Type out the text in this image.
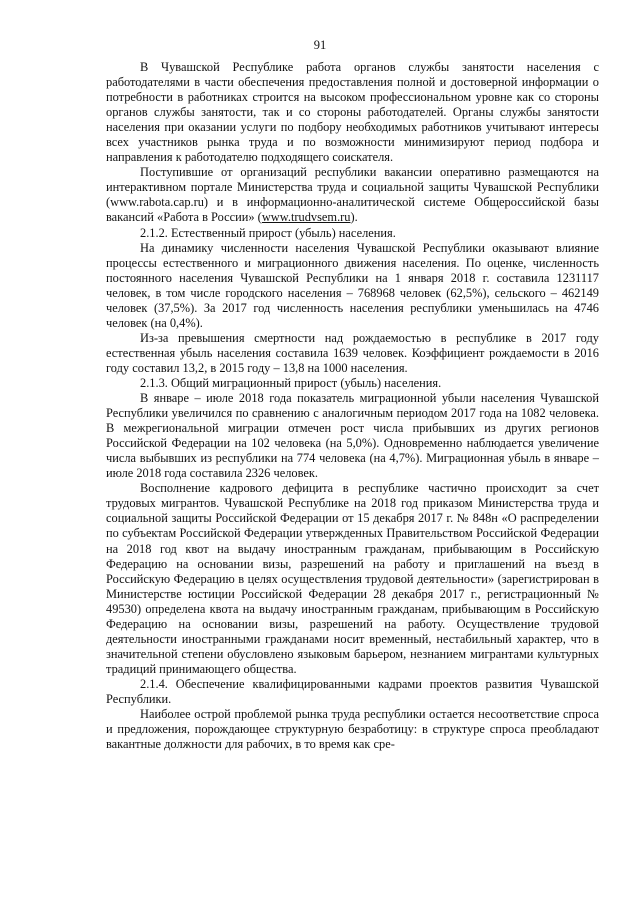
91

В Чувашской Республике работа органов службы занятости населения с работодателями в части обеспечения предоставления полной и достоверной информации о потребности в работниках строится на высоком профессиональном уровне как со стороны органов службы занятости, так и со стороны работодателей. Органы службы занятости населения при оказании услуги по подбору необходимых работников учитывают интересы всех участников рынка труда и по возможности минимизируют период подбора и направления к работодателю подходящего соискателя.

Поступившие от организаций республики вакансии оперативно размещаются на интерактивном портале Министерства труда и социальной защиты Чувашской Республики (www.rabota.cap.ru) и в информационно-аналитической системе Общероссийской базы вакансий «Работа в России» (www.trudvsem.ru).

2.1.2. Естественный прирост (убыль) населения.

На динамику численности населения Чувашской Республики оказывают влияние процессы естественного и миграционного движения населения. По оценке, численность постоянного населения Чувашской Республики на 1 января 2018 г. составила 1231117 человек, в том числе городского населения – 768968 человек (62,5%), сельского – 462149 человек (37,5%). За 2017 год численность населения республики уменьшилась на 4746 человек (на 0,4%).

Из-за превышения смертности над рождаемостью в республике в 2017 году естественная убыль населения составила 1639 человек. Коэффициент рождаемости в 2016 году составил 13,2, в 2015 году – 13,8 на 1000 населения.

2.1.3. Общий миграционный прирост (убыль) населения.

В январе – июле 2018 года показатель миграционной убыли населения Чувашской Республики увеличился по сравнению с аналогичным периодом 2017 года на 1082 человека. В межрегиональной миграции отмечен рост числа прибывших из других регионов Российской Федерации на 102 человека (на 5,0%). Одновременно наблюдается увеличение числа выбывших из республики на 774 человека (на 4,7%). Миграционная убыль в январе – июле 2018 года составила 2326 человек.

Восполнение кадрового дефицита в республике частично происходит за счет трудовых мигрантов. Чувашской Республике на 2018 год приказом Министерства труда и социальной защиты Российской Федерации от 15 декабря 2017 г. № 848н «О распределении по субъектам Российской Федерации утвержденных Правительством Российской Федерации на 2018 год квот на выдачу иностранным гражданам, прибывающим в Российскую Федерацию на основании визы, разрешений на работу и приглашений на въезд в Российскую Федерацию в целях осуществления трудовой деятельности» (зарегистрирован в Министерстве юстиции Российской Федерации 28 декабря 2017 г., регистрационный № 49530) определена квота на выдачу иностранным гражданам, прибывающим в Российскую Федерацию на основании визы, разрешений на работу. Осуществление трудовой деятельности иностранными гражданами носит временный, нестабильный характер, что в значительной степени обусловлено языковым барьером, незнанием мигрантами культурных традиций принимающего общества.

2.1.4. Обеспечение квалифицированными кадрами проектов развития Чувашской Республики.

Наиболее острой проблемой рынка труда республики остается несоответствие спроса и предложения, порождающее структурную безработицу: в структуре спроса преобладают вакантные должности для рабочих, в то время как сре-
